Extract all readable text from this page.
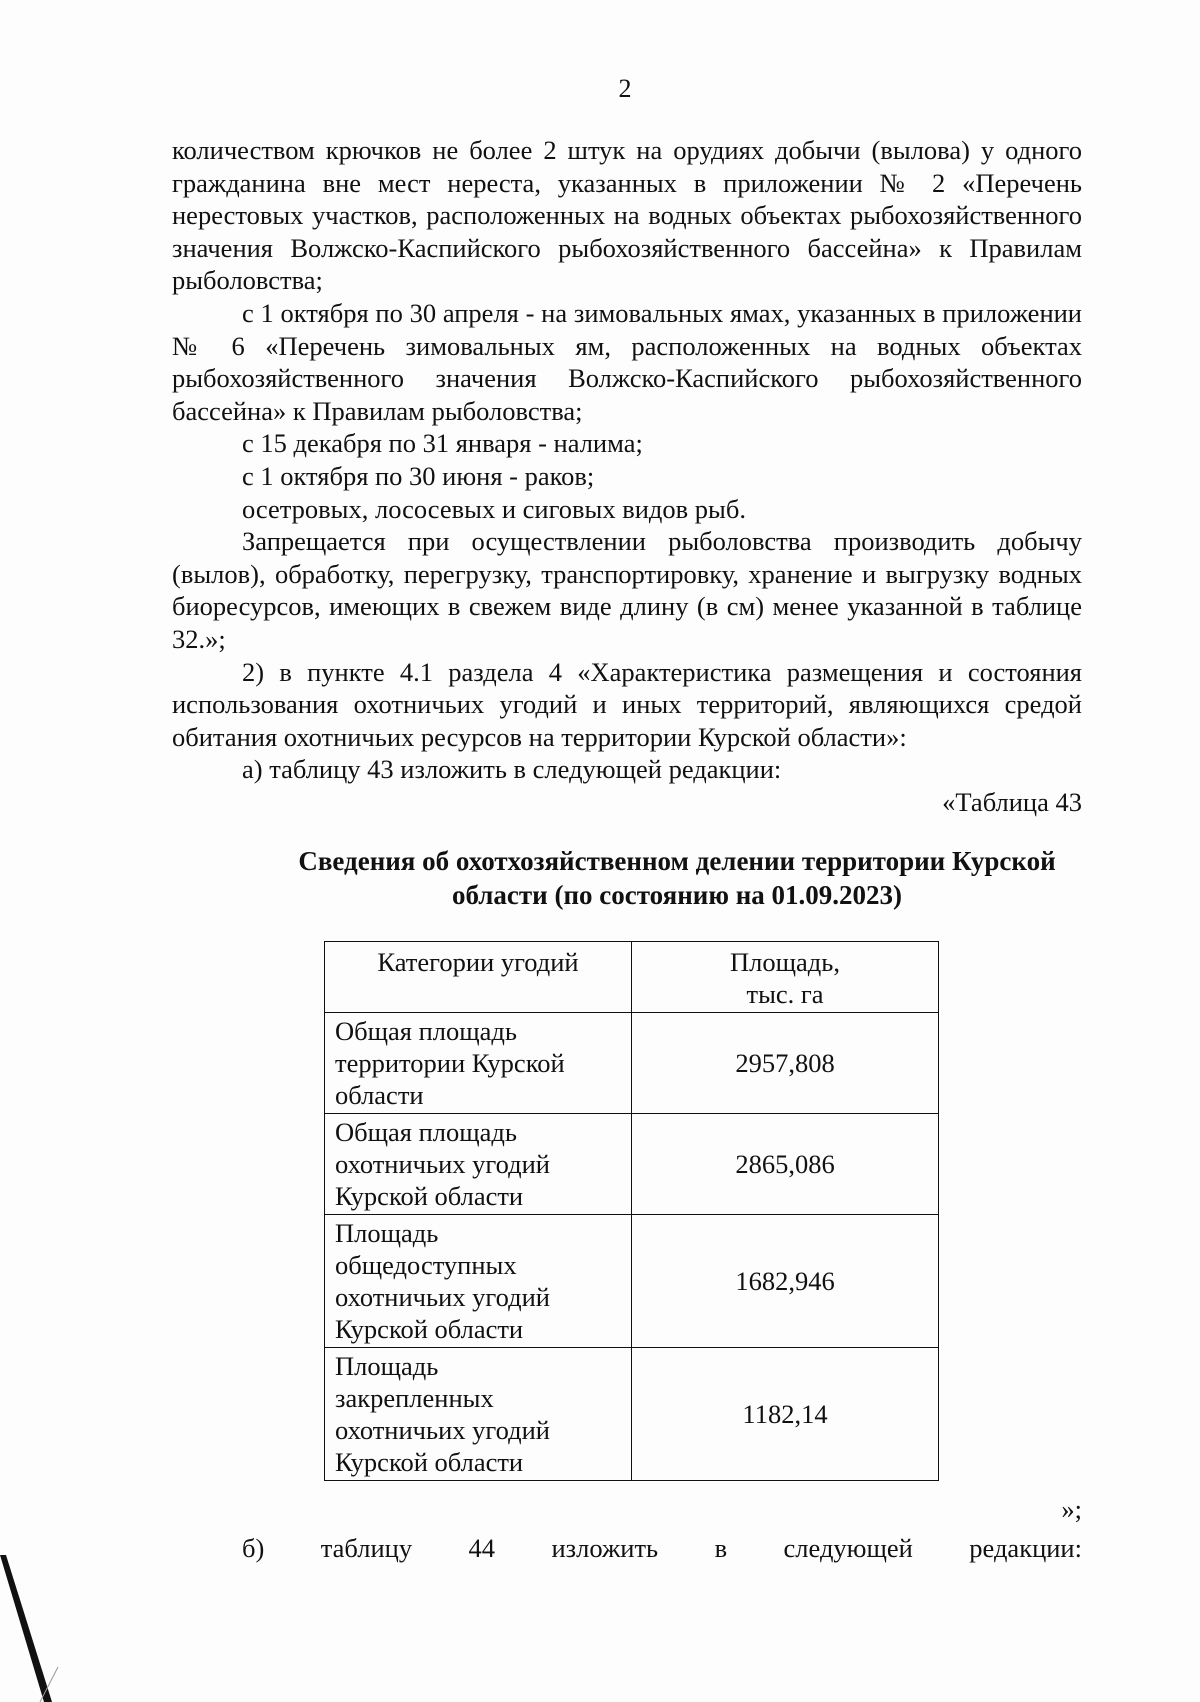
2

количеством крючков не более 2 штук на орудиях добычи (вылова) у одного гражданина вне мест нереста, указанных в приложении № 2 «Перечень нерестовых участков, расположенных на водных объектах рыбохозяйственного значения Волжско-Каспийского рыбохозяйственного бассейна» к Правилам рыболовства;

с 1 октября по 30 апреля - на зимовальных ямах, указанных в приложении № 6 «Перечень зимовальных ям, расположенных на водных объектах рыбохозяйственного значения Волжско-Каспийского рыбохозяйственного бассейна» к Правилам рыболовства;

с 15 декабря по 31 января - налима;

с 1 октября по 30 июня - раков;

осетровых, лососевых и сиговых видов рыб.

Запрещается при осуществлении рыболовства производить добычу (вылов), обработку, перегрузку, транспортировку, хранение и выгрузку водных биоресурсов, имеющих в свежем виде длину (в см) менее указанной в таблице 32.»;

2) в пункте 4.1 раздела 4 «Характеристика размещения и состояния использования охотничьих угодий и иных территорий, являющихся средой обитания охотничьих ресурсов на территории Курской области»:

а) таблицу 43 изложить в следующей редакции:

«Таблица 43

Сведения об охотхозяйственном делении территории Курской
области (по состоянию на 01.09.2023)
Категории угодий	Площадь,
тыс. га

Общая площадь
территории Курской
области	2957,808

Общая площадь
охотничьих угодий
Курской области	2865,086

Площадь
общедоступных
охотничьих угодий
Курской области	1682,946

Площадь
закрепленных
охотничьих угодий
Курской области	1182,14
»;
б) таблицу 44 изложить в следующей редакции:
